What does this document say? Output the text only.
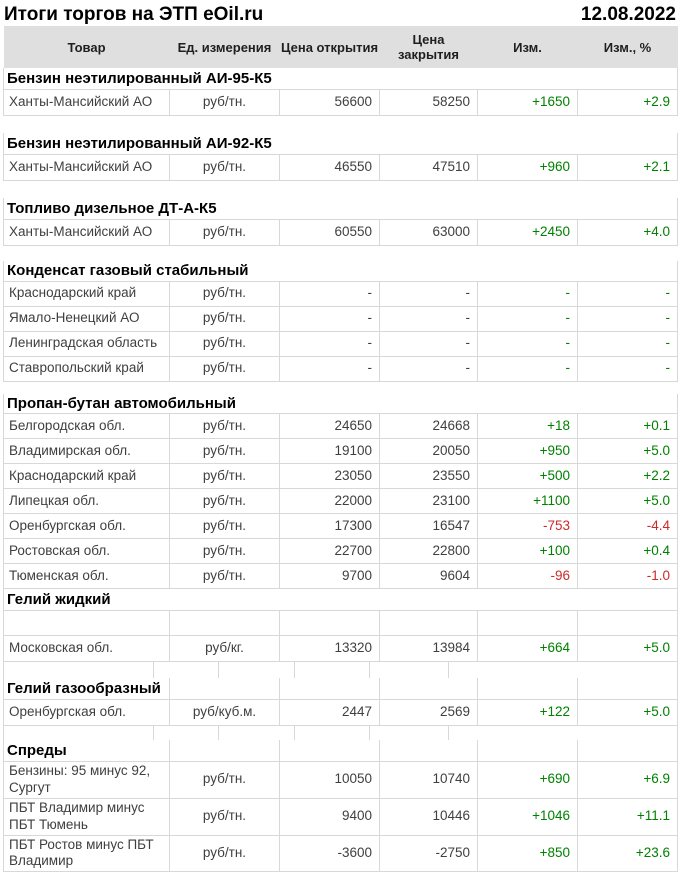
Итоги торгов на ЭТП eOil.ru	12.08.2022
Товар	Ед. измерения	Цена открытия	Цена закрытия	Изм.	Изм., %
Бензин неэтилированный АИ-95-К5					
Ханты-Мансийский АО	руб/тн.	56600	58250	+1650	+2.9

Бензин неэтилированный АИ-92-К5					
Ханты-Мансийский АО	руб/тн.	46550	47510	+960	+2.1

Топливо дизельное ДТ-А-К5					
Ханты-Мансийский АО	руб/тн.	60550	63000	+2450	+4.0

Конденсат газовый стабильный					
Краснодарский край	руб/тн.	-	-	-	-
Ямало-Ненецкий АО	руб/тн.	-	-	-	-
Ленинградская область	руб/тн.	-	-	-	-
Ставропольский край	руб/тн.	-	-	-	-

Пропан-бутан автомобильный					
Белгородская обл.	руб/тн.	24650	24668	+18	+0.1
Владимирская обл.	руб/тн.	19100	20050	+950	+5.0
Краснодарский край	руб/тн.	23050	23550	+500	+2.2
Липецкая обл.	руб/тн.	22000	23100	+1100	+5.0
Оренбургская обл.	руб/тн.	17300	16547	-753	-4.4
Ростовская обл.	руб/тн.	22700	22800	+100	+0.4
Тюменская обл.	руб/тн.	9700	9604	-96	-1.0
Гелий жидкий					

Московская обл.	руб/кг.	13320	13984	+664	+5.0

Гелий газообразный					
Оренбургская обл.	руб/куб.м.	2447	2569	+122	+5.0

Спреды					
Бензины: 95 минус 92, Сургут	руб/тн.	10050	10740	+690	+6.9
ПБТ Владимир минус ПБТ Тюмень	руб/тн.	9400	10446	+1046	+11.1
ПБТ Ростов минус ПБТ Владимир	руб/тн.	-3600	-2750	+850	+23.6
